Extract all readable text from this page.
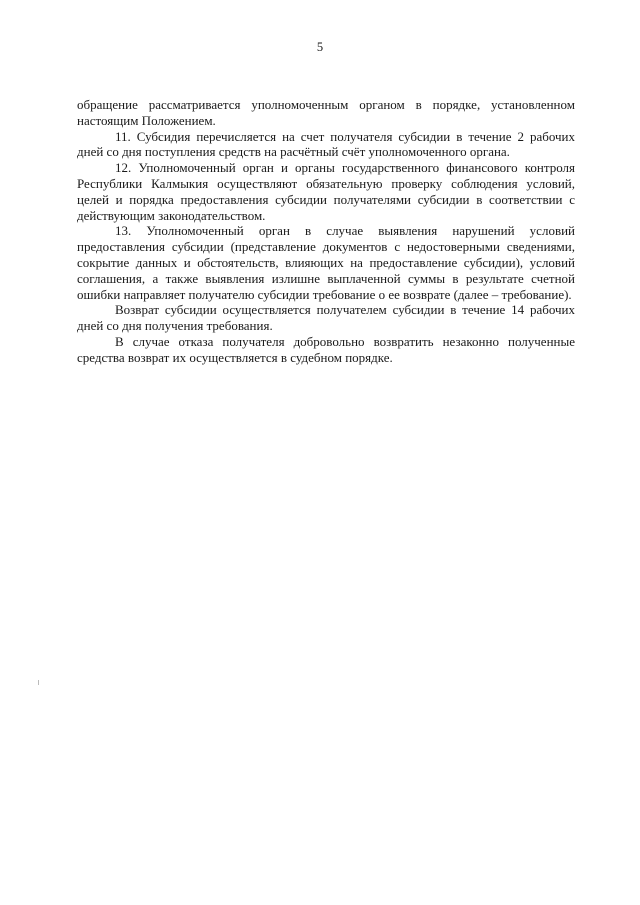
5

обращение рассматривается уполномоченным органом в порядке, установленном настоящим Положением.

11. Субсидия перечисляется на счет получателя субсидии в течение 2 рабочих дней со дня поступления средств на расчётный счёт уполномоченного органа.

12. Уполномоченный орган и органы государственного финансового контроля Республики Калмыкия осуществляют обязательную проверку соблюдения условий, целей и порядка предоставления субсидии получателями субсидии в соответствии с действующим законодательством.

13. Уполномоченный орган в случае выявления нарушений условий предоставления субсидии (представление документов с недостоверными сведениями, сокрытие данных и обстоятельств, влияющих на предоставление субсидии), условий соглашения, а также выявления излишне выплаченной суммы в результате счетной ошибки направляет получателю субсидии требование о ее возврате (далее – требование).

Возврат субсидии осуществляется получателем субсидии в течение 14 рабочих дней со дня получения требования.

В случае отказа получателя добровольно возвратить незаконно полученные средства возврат их осуществляется в судебном порядке.
